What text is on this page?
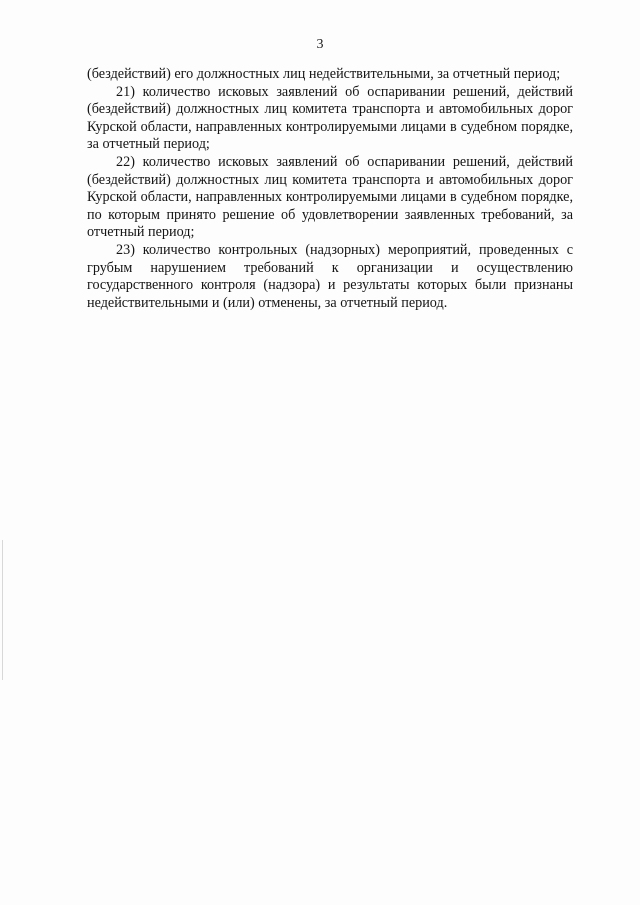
3

(бездействий) его должностных лиц недействительными, за отчетный период;

21) количество исковых заявлений об оспаривании решений, действий (бездействий) должностных лиц комитета транспорта и автомобильных дорог Курской области, направленных контролируемыми лицами в судебном порядке, за отчетный период;

22) количество исковых заявлений об оспаривании решений, действий (бездействий) должностных лиц комитета транспорта и автомобильных дорог Курской области, направленных контролируемыми лицами в судебном порядке, по которым принято решение об удовлетворении заявленных требований, за отчетный период;

23) количество контрольных (надзорных) мероприятий, проведенных с грубым нарушением требований к организации и осуществлению государственного контроля (надзора) и результаты которых были признаны недействительными и (или) отменены, за отчетный период.
